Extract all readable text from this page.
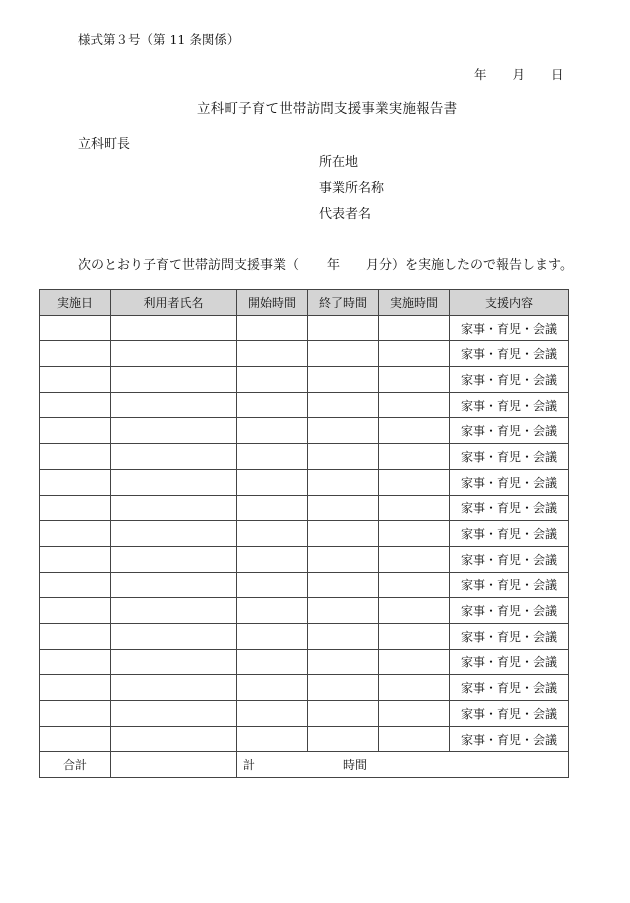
様式第３号（第 11 条関係）
年 月 日
立科町子育て世帯訪問支援事業実施報告書
立科町長
所在地
事業所名称
代表者名
次のとおり子育て世帯訪問支援事業（ 年 月分）を実施したので報告します。
実施日	利用者氏名	開始時間	終了時間	実施時間	支援内容
					家事・育児・会議
					家事・育児・会議
					家事・育児・会議
					家事・育児・会議
					家事・育児・会議
					家事・育児・会議
					家事・育児・会議
					家事・育児・会議
					家事・育児・会議
					家事・育児・会議
					家事・育児・会議
					家事・育児・会議
					家事・育児・会議
					家事・育児・会議
					家事・育児・会議
					家事・育児・会議
					家事・育児・会議
合計		計 時間			
